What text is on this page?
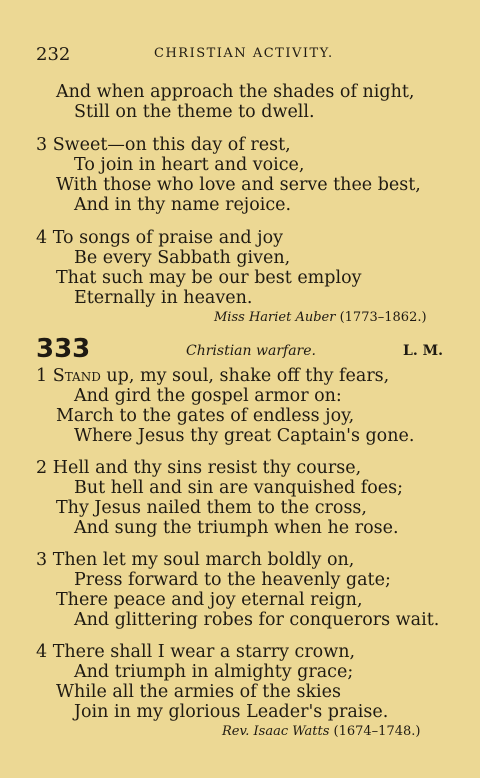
232	CHRISTIAN ACTIVITY.
And when approach the shades of night,
Still on the theme to dwell.
3 Sweet—on this day of rest,
To join in heart and voice,
With those who love and serve thee best,
And in thy name rejoice.
4 To songs of praise and joy
Be every Sabbath given,
That such may be our best employ
Eternally in heaven.
Miss Hariet Auber (1773–1862.)
333	Christian warfare.	L. M.
1 Stand up, my soul, shake off thy fears,
And gird the gospel armor on:
March to the gates of endless joy,
Where Jesus thy great Captain's gone.
2 Hell and thy sins resist thy course,
But hell and sin are vanquished foes;
Thy Jesus nailed them to the cross,
And sung the triumph when he rose.
3 Then let my soul march boldly on,
Press forward to the heavenly gate;
There peace and joy eternal reign,
And glittering robes for conquerors wait.
4 There shall I wear a starry crown,
And triumph in almighty grace;
While all the armies of the skies
Join in my glorious Leader's praise.
Rev. Isaac Watts (1674–1748.)
